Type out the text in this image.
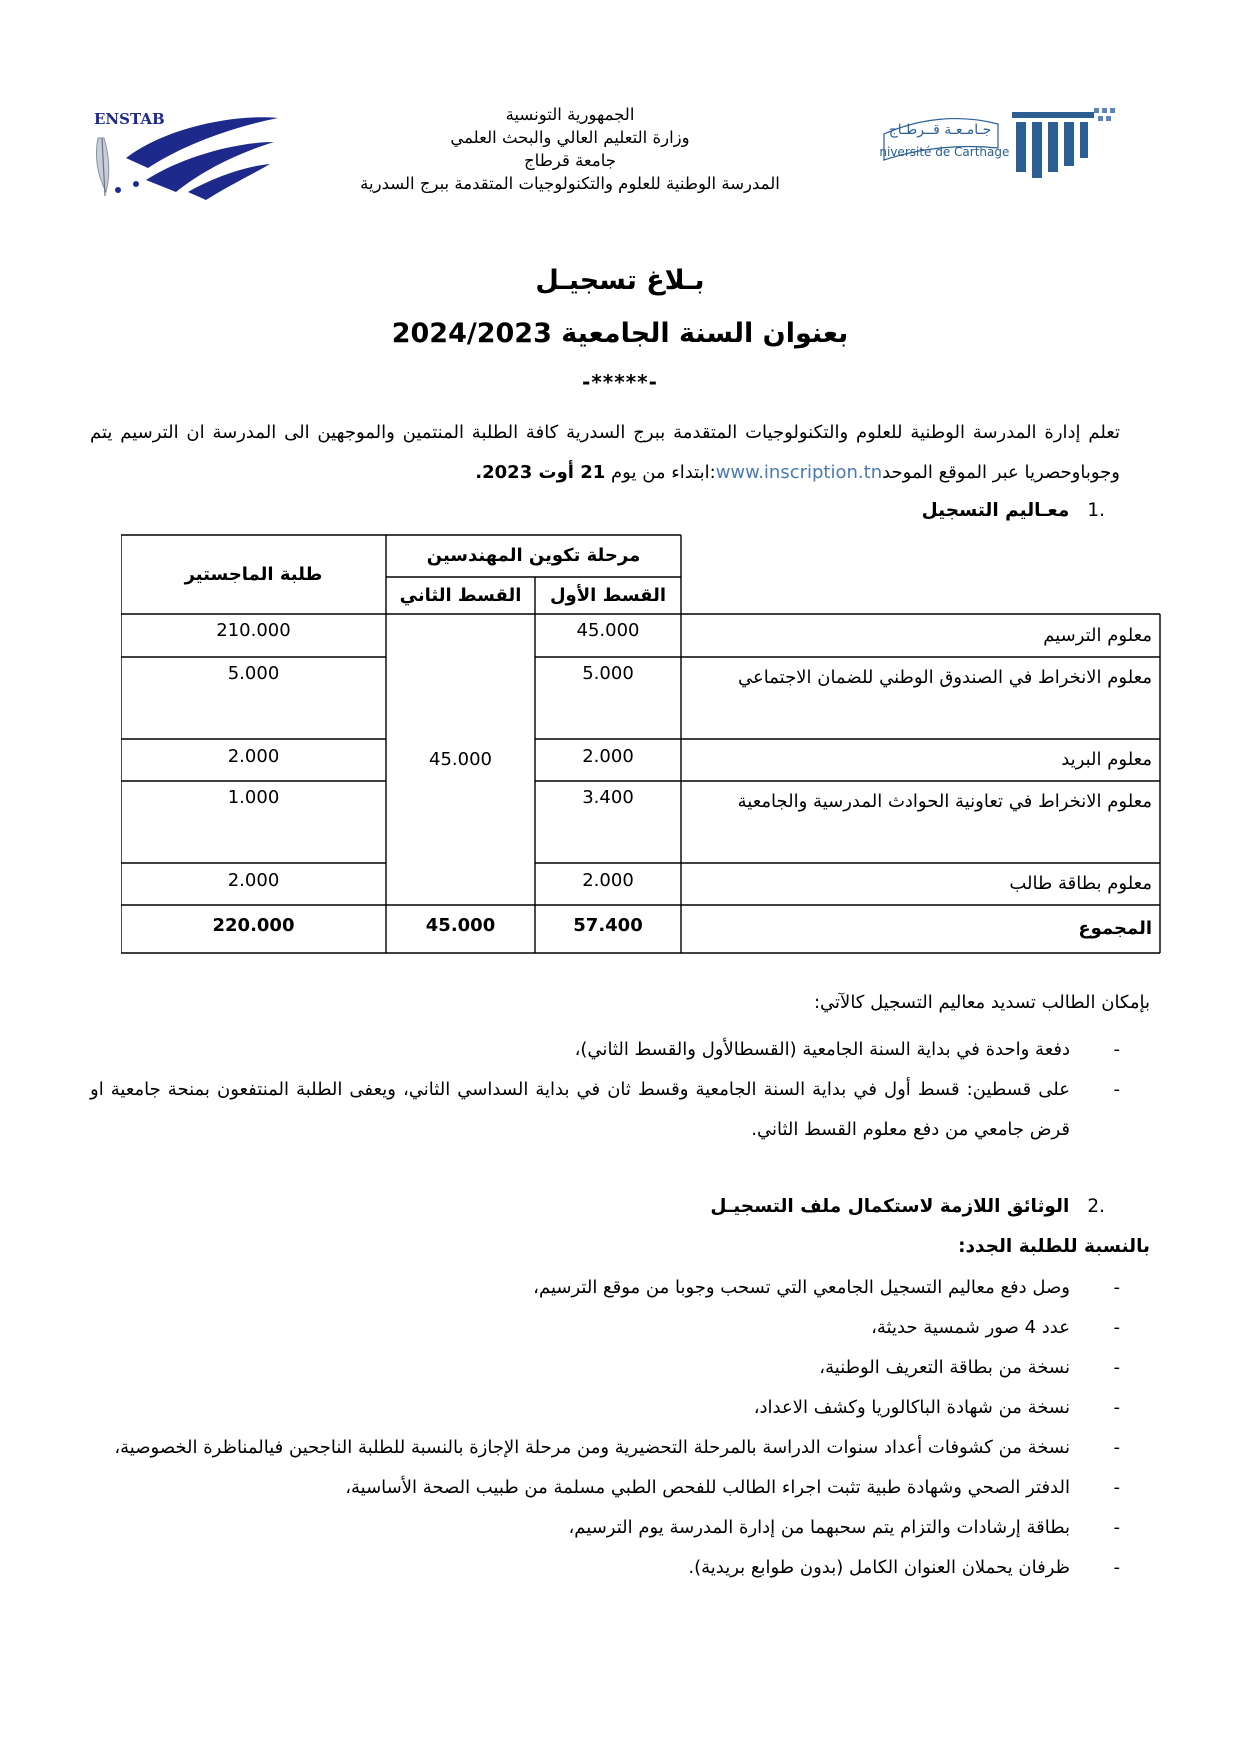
ENSTAB	الجمهورية التونسية
وزارة التعليم العالي والبحث العلمي
جامعة قرطاج
المدرسة الوطنية للعلوم والتكنولوجيات المتقدمة ببرج السدرية
جـامـعـة قــرطـاج
Université de Carthage
بـلاغ تسجيـل
بعنوان السنة الجامعية 2024/2023
-*****-
تعلم إدارة المدرسة الوطنية للعلوم والتكنولوجيات المتقدمة ببرج السدرية كافة الطلبة المنتمين والموجهين الى المدرسة ان الترسيم يتم وجوباوحصريا عبر الموقع الموحدwww.inscription.tn:ابتداء من يوم 21 أوت 2023.
.1معـاليم التسجيل
طلبة الماجستير
مرحلة تكوين المهندسين
القسط الثاني	القسط الأول
45.000
معلوم الترسيم
45.000
210.000
معلوم الانخراط في الصندوق الوطني للضمان الاجتماعي
5.000
5.000
معلوم البريد
2.000
2.000
معلوم الانخراط في تعاونية الحوادث المدرسية والجامعية
3.400
1.000
معلوم بطاقة طالب
2.000
2.000
المجموع
57.400
45.000
220.000
بإمكان الطالب تسديد معاليم التسجيل كالآتي:
-
دفعة واحدة في بداية السنة الجامعية (القسطالأول والقسط الثاني)،
-
على قسطين: قسط أول في بداية السنة الجامعية وقسط ثان في بداية السداسي الثاني، ويعفى الطلبة المنتفعون بمنحة جامعية او قرض جامعي من دفع معلوم القسط الثاني.
.2الوثائق اللازمة لاستكمال ملف التسجيـل
بالنسبة للطلبة الجدد:
-
وصل دفع معاليم التسجيل الجامعي التي تسحب وجوبا من موقع الترسيم،
-
عدد 4 صور شمسية حديثة،
-
نسخة من بطاقة التعريف الوطنية،
-
نسخة من شهادة الباكالوريا وكشف الاعداد،
-
نسخة من كشوفات أعداد سنوات الدراسة بالمرحلة التحضيرية ومن مرحلة الإجازة بالنسبة للطلبة الناجحين فيالمناظرة الخصوصية،
-
الدفتر الصحي وشهادة طبية تثبت اجراء الطالب للفحص الطبي مسلمة من طبيب الصحة الأساسية،
-
بطاقة إرشادات والتزام يتم سحبهما من إدارة المدرسة يوم الترسيم،
-
ظرفان يحملان العنوان الكامل (بدون طوابع بريدية).
